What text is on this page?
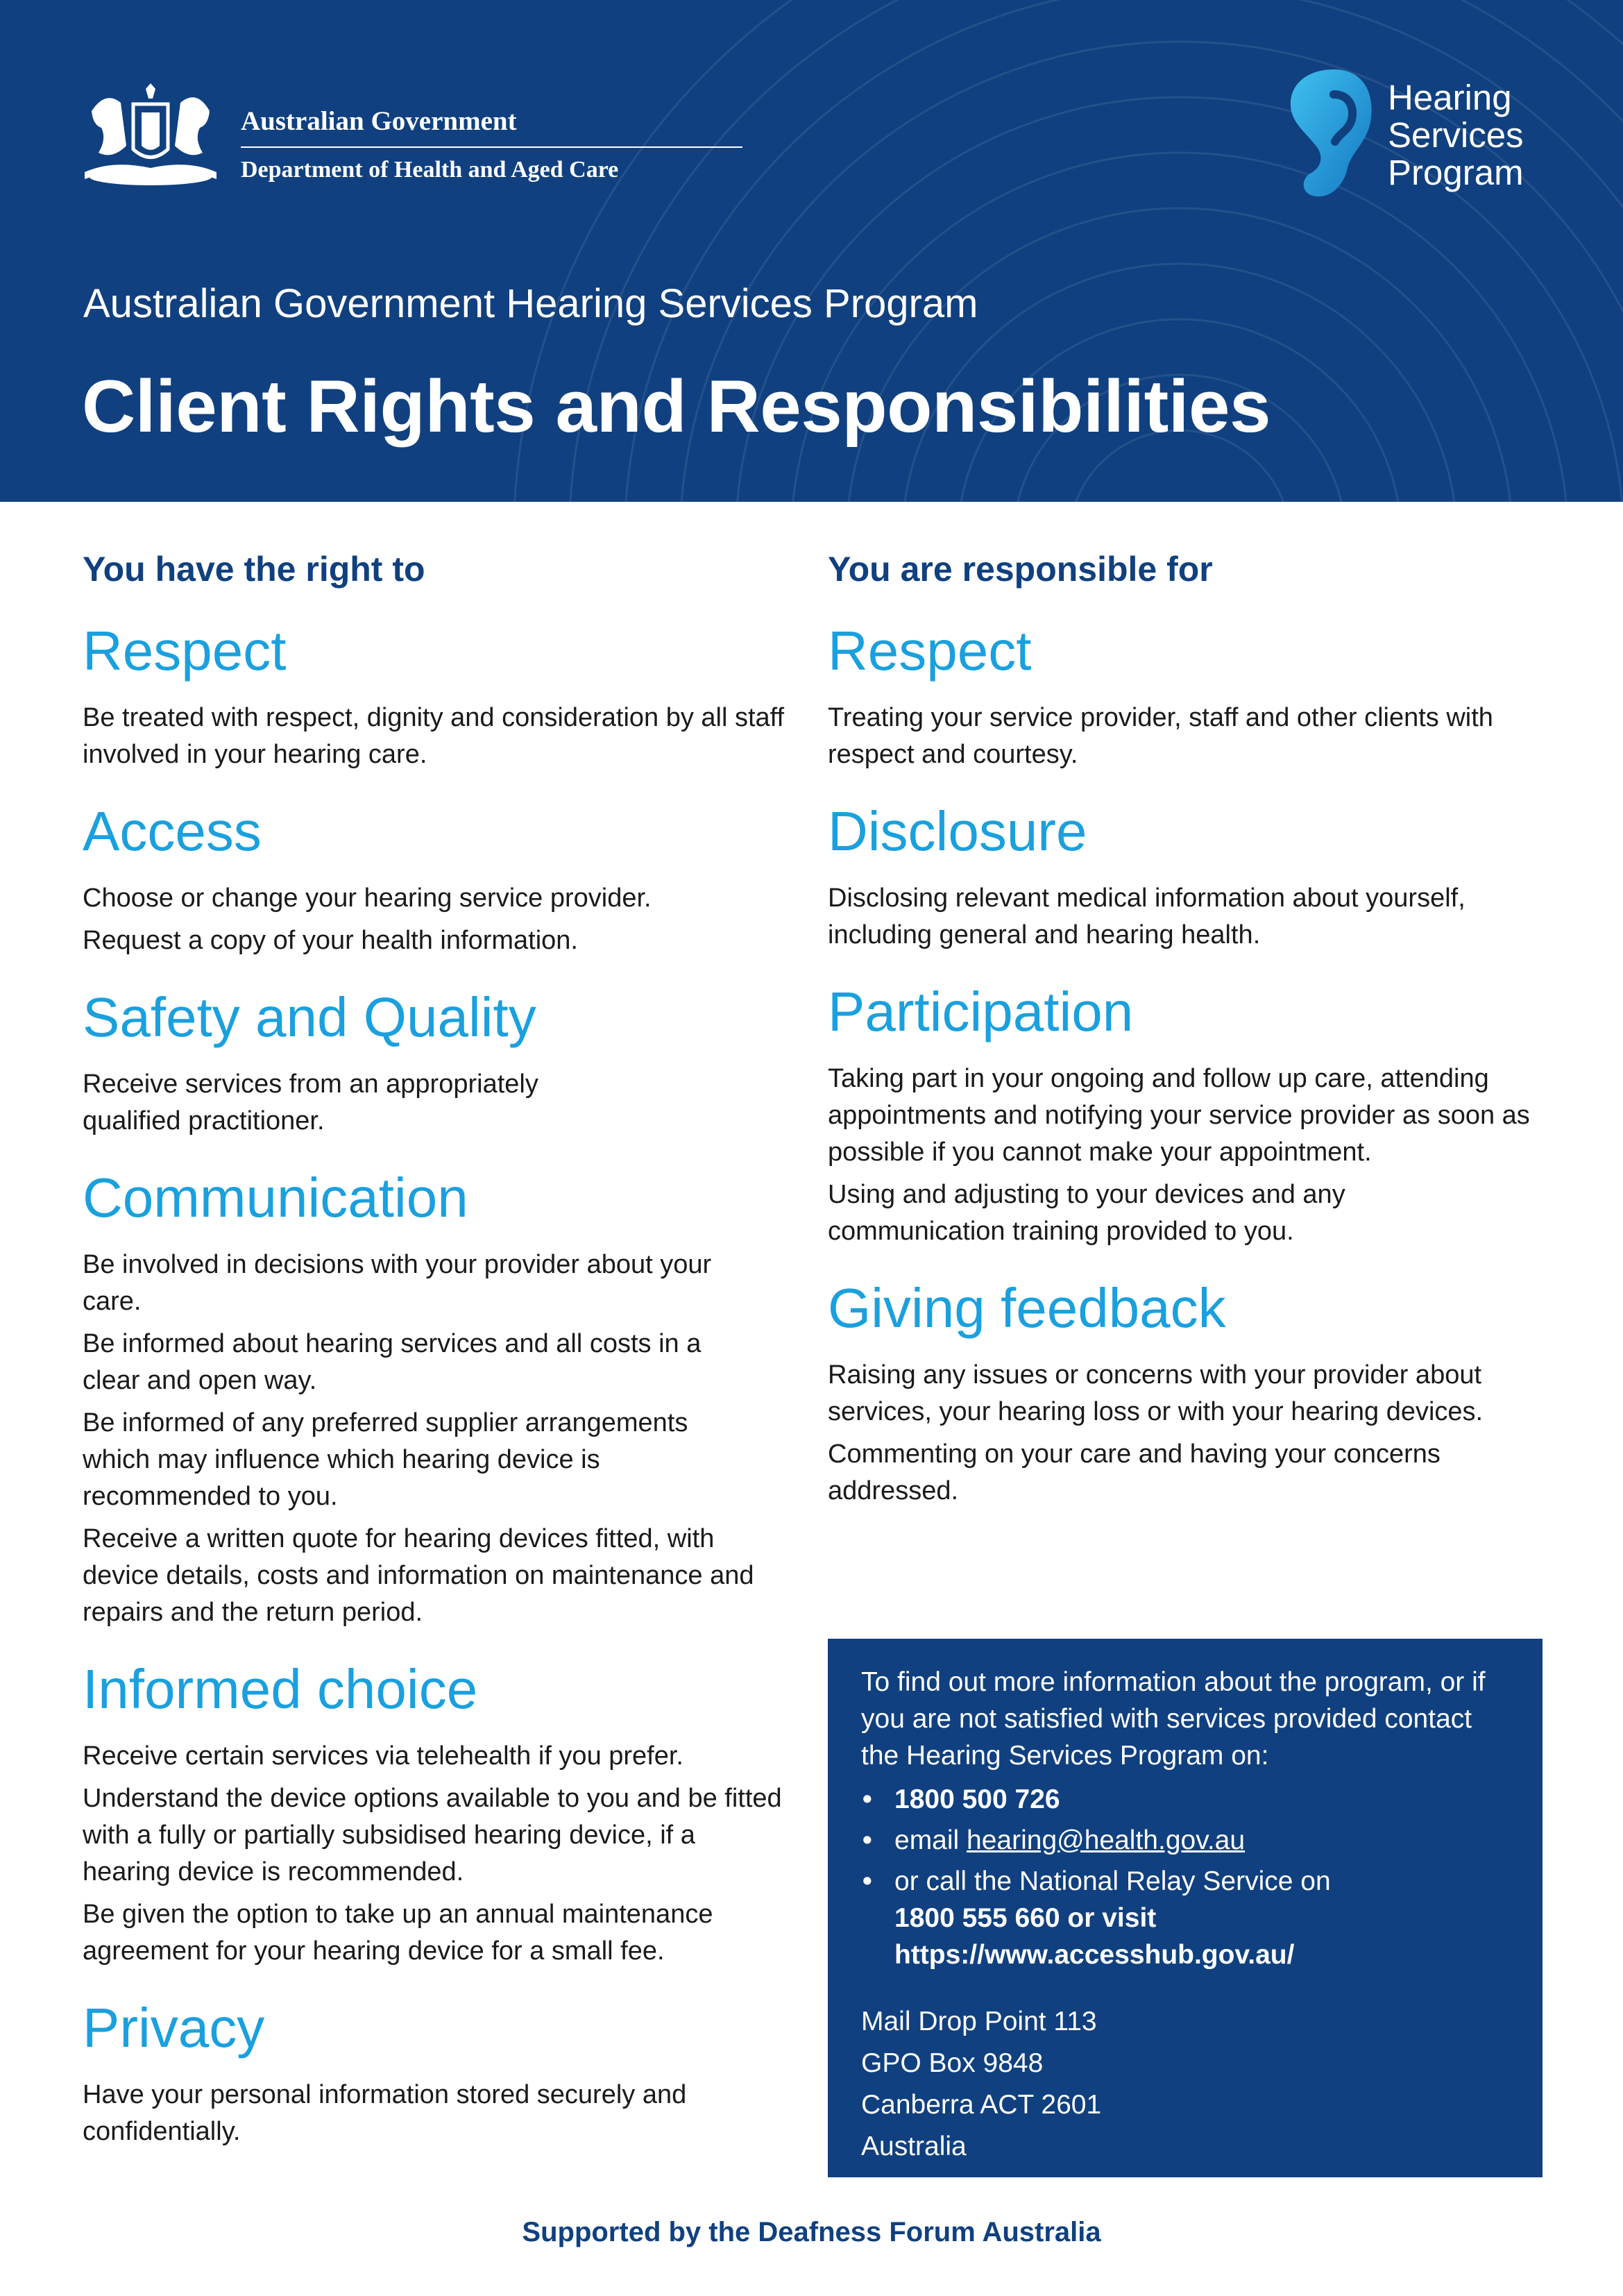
Australian Government
Department of Health and Aged Care
Hearing
Services
Program
Australian Government Hearing Services Program
Client Rights and Responsibilities
You have the right to
Respect

Be treated with respect, dignity and consideration by all staff involved in your hearing care.

Access

Choose or change your hearing service provider.

Request a copy of your health information.

Safety and Quality

Receive services from an appropriately qualified practitioner.

Communication

Be involved in decisions with your provider about your care.

Be informed about hearing services and all costs in a clear and open way.

Be informed of any preferred supplier arrangements which may influence which hearing device is recommended to you.

Receive a written quote for hearing devices fitted, with device details, costs and information on maintenance and repairs and the return period.

Informed choice

Receive certain services via telehealth if you prefer.

Understand the device options available to you and be fitted with a fully or partially subsidised hearing device, if a hearing device is recommended.

Be given the option to take up an annual maintenance agreement for your hearing device for a small fee.

Privacy

Have your personal information stored securely and confidentially.

You are responsible for
Respect

Treating your service provider, staff and other clients with respect and courtesy.

Disclosure

Disclosing relevant medical information about yourself, including general and hearing health.

Participation

Taking part in your ongoing and follow up care, attending appointments and notifying your service provider as soon as possible if you cannot make your appointment.

Using and adjusting to your devices and any communication training provided to you.

Giving feedback

Raising any issues or concerns with your provider about services, your hearing loss or with your hearing devices.

Commenting on your care and having your concerns addressed.

To find out more information about the program, or if you are not satisfied with services provided contact the Hearing Services Program on:

• 1800 500 726
• email hearing@health.gov.au
• or call the National Relay Service on
1800 555 660 or visit https://www.accesshub.gov.au/
Mail Drop Point 113
GPO Box 9848
Canberra ACT 2601
Australia
Supported by the Deafness Forum Australia
